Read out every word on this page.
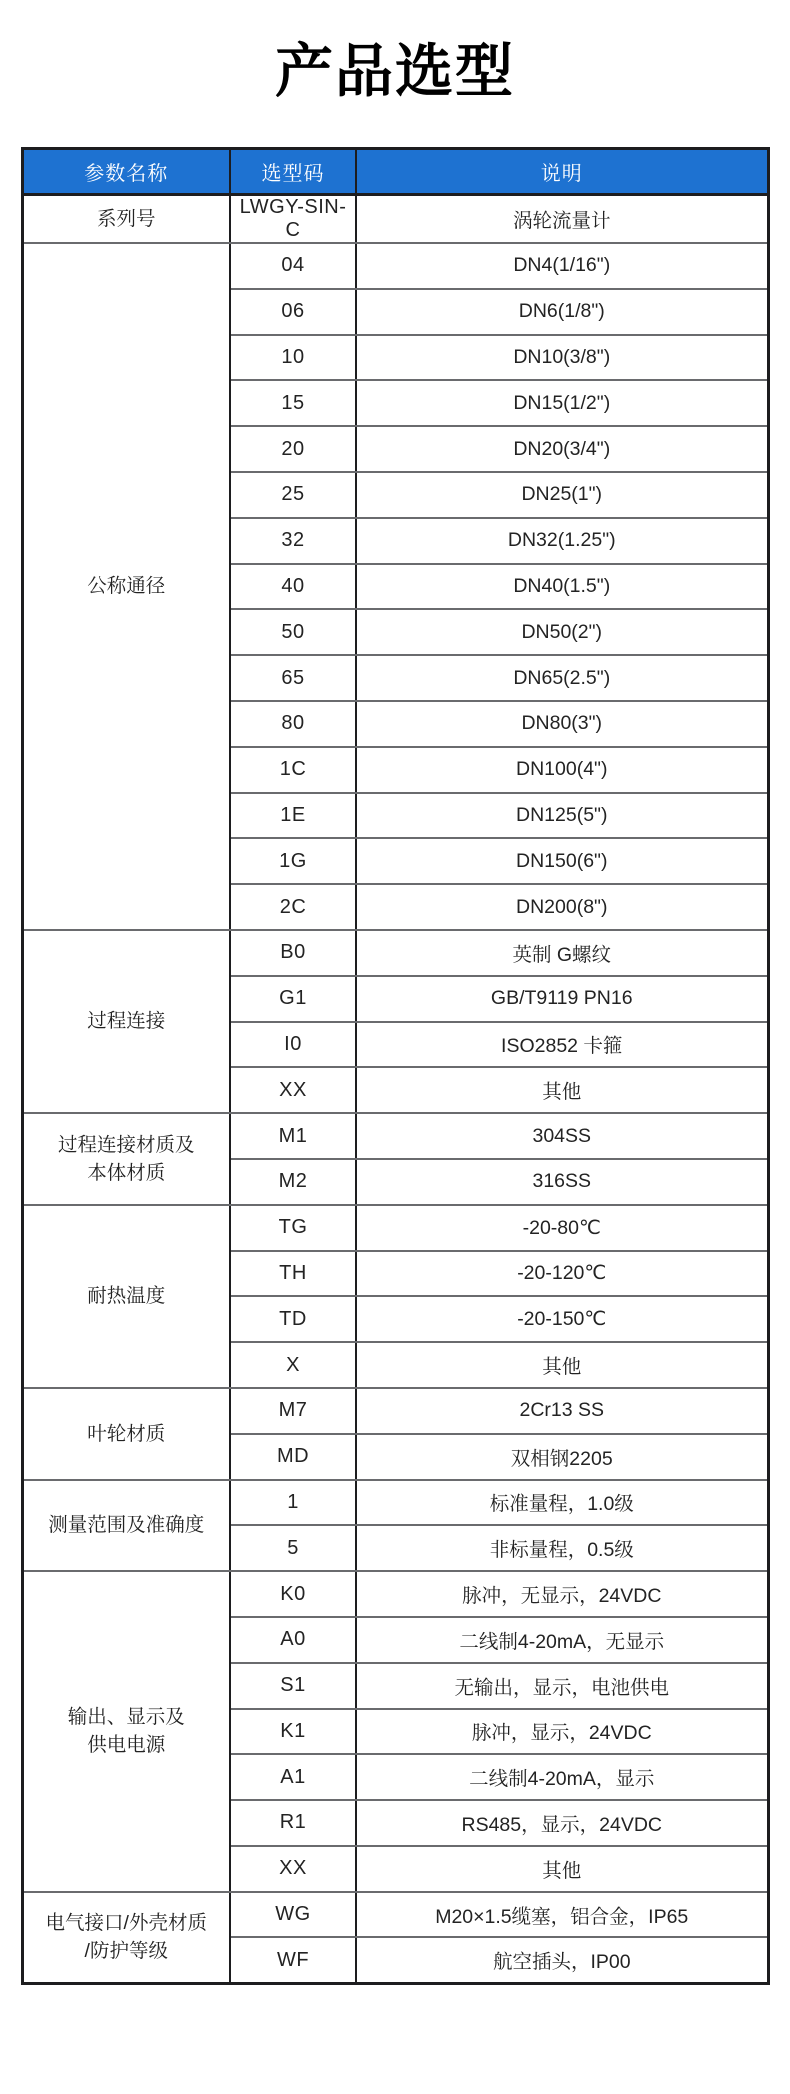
产品选型
参数名称	选型码	说明
系列号	LWGY-SIN-C	涡轮流量计
公称通径	04	DN4(1/16")
	06	DN6(1/8")
	10	DN10(3/8")
	15	DN15(1/2")
	20	DN20(3/4")
	25	DN25(1")
	32	DN32(1.25")
	40	DN40(1.5")
	50	DN50(2")
	65	DN65(2.5")
	80	DN80(3")
	1C	DN100(4")
	1E	DN125(5")
	1G	DN150(6")
	2C	DN200(8")
过程连接	B0	英制 G螺纹
	G1	GB/T9119 PN16
	I0	ISO2852 卡箍
	XX	其他
过程连接材质及
本体材质	M1	304SS
	M2	316SS
耐热温度	TG	-20-80℃
	TH	-20-120℃
	TD	-20-150℃
	X	其他
叶轮材质	M7	2Cr13 SS
	MD	双相钢2205
测量范围及准确度	1	标准量程，1.0级
	5	非标量程，0.5级
输出、显示及
供电电源	K0	脉冲，无显示，24VDC
	A0	二线制4-20mA，无显示
	S1	无输出，显示，电池供电
	K1	脉冲，显示，24VDC
	A1	二线制4-20mA，显示
	R1	RS485，显示，24VDC
	XX	其他
电气接口/外壳材质
/防护等级	WG	M20×1.5缆塞，铝合金，IP65
	WF	航空插头，IP00
